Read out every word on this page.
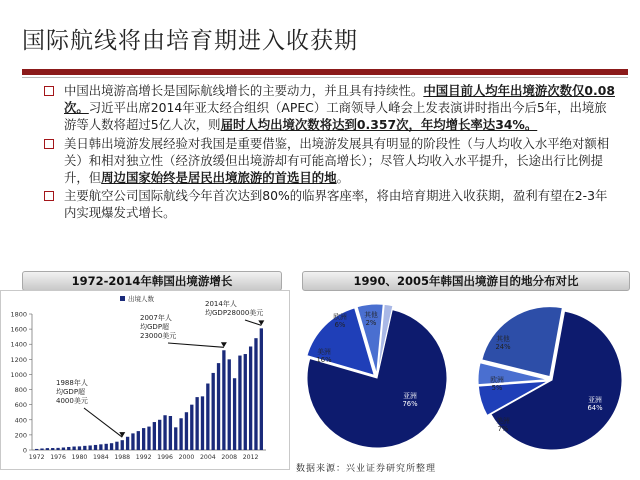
国际航线将由培育期进入收获期
中国出境游高增长是国际航线增长的主要动力，并且具有持续性。中国目前人均年出境游次数仅0.08次。习近平出席2014年亚太经合组织（APEC）工商领导人峰会上发表演讲时指出今后5年，出境旅游等人数将超过5亿人次，则届时人均出境次数将达到0.357次，年均增长率达34%。
美日韩出境游发展经验对我国是重要借鉴，出境游发展具有明显的阶段性（与人均收入水平绝对额相关）和相对独立性（经济放缓但出境游却有可能高增长）；尽管人均收入水平提升，长途出行比例提升，但周边国家始终是居民出境旅游的首选目的地。
主要航空公司国际航线今年首次达到80%的临界客座率，将由培育期进入收获期，盈利有望在2-3年内实现爆发式增长。
1972-2014年韩国出境游增长	1990、2005年韩国出境游目的地分布对比
0
200
400
600
800
1000
1200
1400
1600
1800
1972 1976 1980 1984 1988 1992 1996 2000 2004 2008 2012
出境人数
1988年人
均GDP超
4000美元
2007年人
均GDP超
23000美元
2014年人
均GDP28000美元
亚洲
76%
美洲
16%
欧洲
6%
其他
2%
亚洲
64%
美洲
7%
欧洲
5%
其他
24%
数据来源：兴业证券研究所整理
